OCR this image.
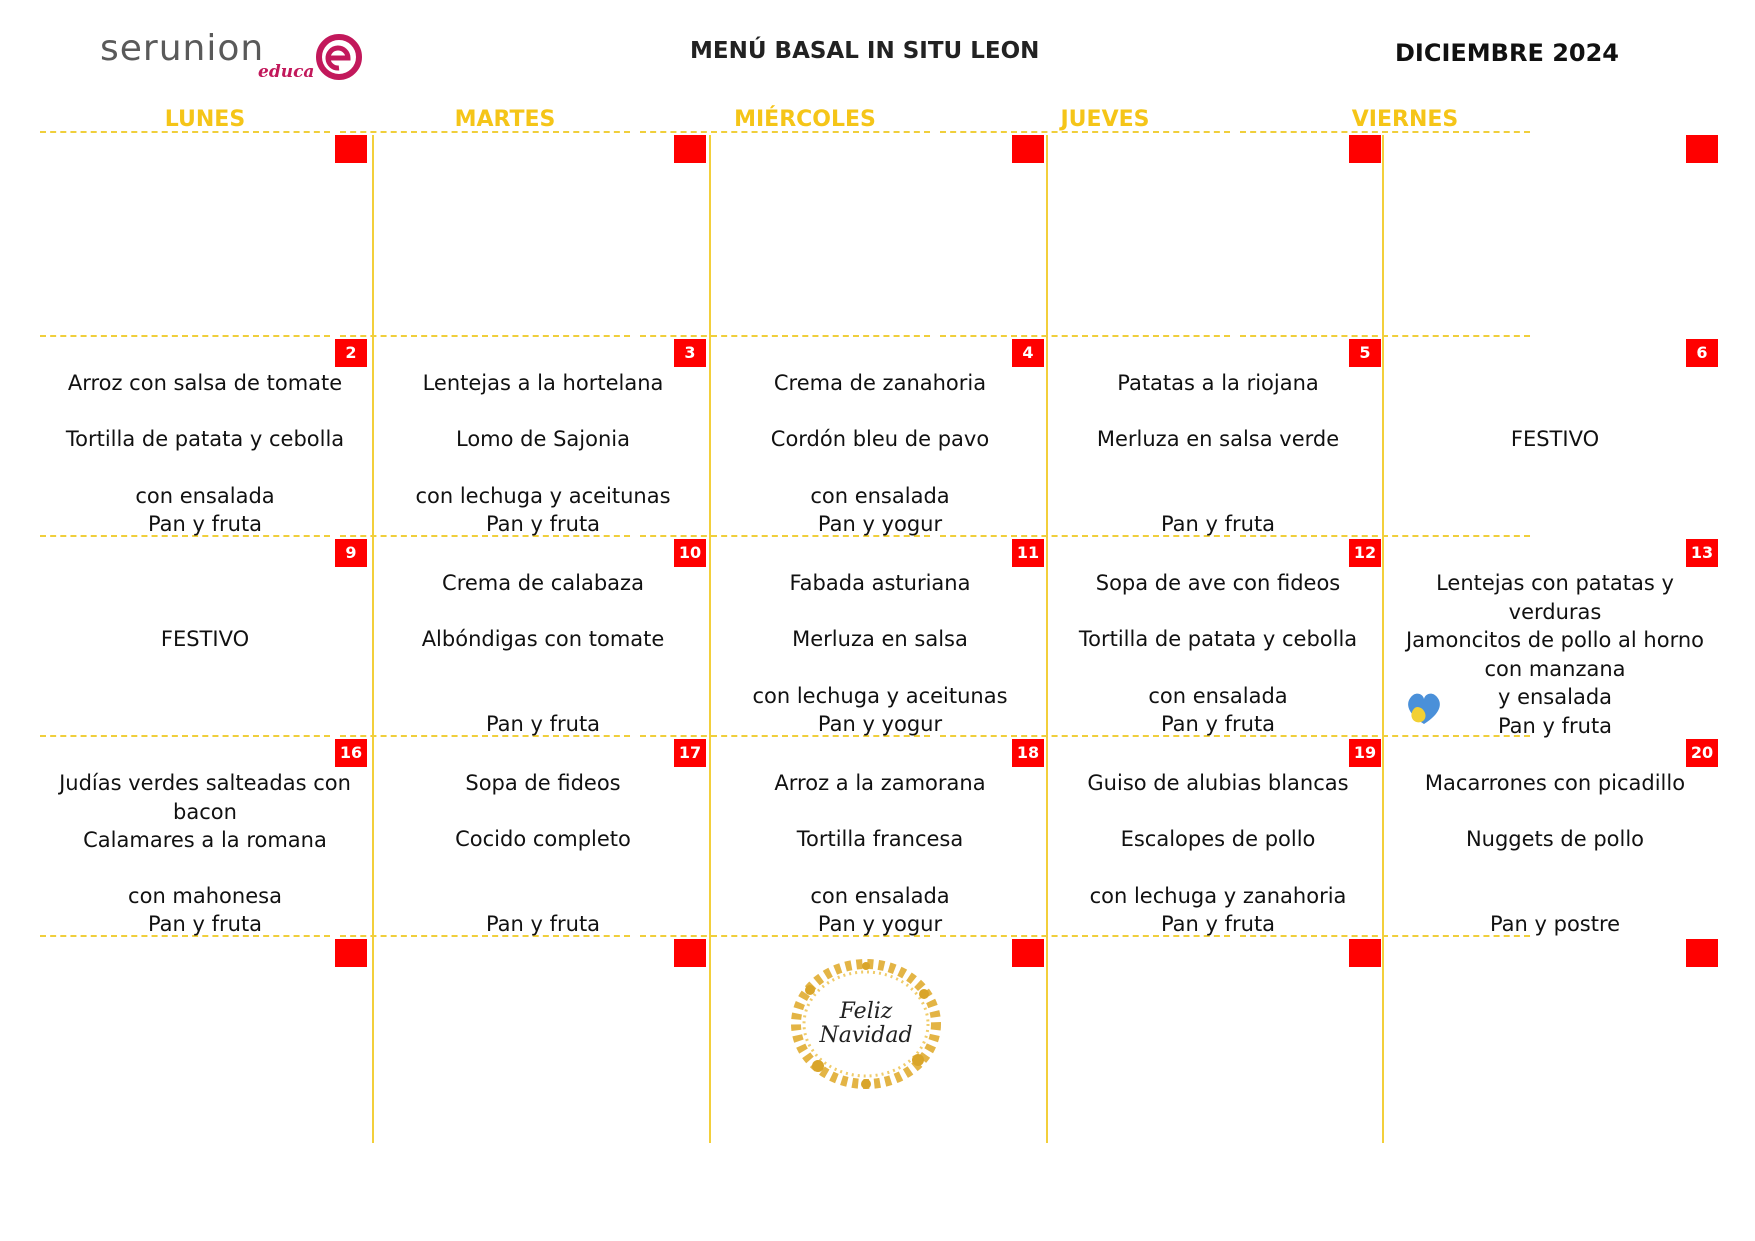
serunion
educa
MENÚ BASAL IN SITU LEON	DICIEMBRE 2024
LUNES	MARTES	MIÉRCOLES	JUEVES	VIERNES
2
Arroz con salsa de tomate
Tortilla de patata y cebolla
con ensalada
Pan y fruta
3
Lentejas a la hortelana
Lomo de Sajonia
con lechuga y aceitunas
Pan y fruta
4
Crema de zanahoria
Cordón bleu de pavo
con ensalada
Pan y yogur
5
Patatas a la riojana
Merluza en salsa verde
Pan y fruta
6
FESTIVO
9
FESTIVO
10
Crema de calabaza
Albóndigas con tomate
Pan y fruta
11
Fabada asturiana
Merluza en salsa
con lechuga y aceitunas
Pan y yogur
12
Sopa de ave con fideos
Tortilla de patata y cebolla
con ensalada
Pan y fruta
13
Lentejas con patatas y
verduras
Jamoncitos de pollo al horno
con manzana
y ensalada
Pan y fruta
16
Judías verdes salteadas con
bacon
Calamares a la romana
con mahonesa
Pan y fruta
17
Sopa de fideos
Cocido completo
Pan y fruta
18
Arroz a la zamorana
Tortilla francesa
con ensalada
Pan y yogur
19
Guiso de alubias blancas
Escalopes de pollo
con lechuga y zanahoria
Pan y fruta
20
Macarrones con picadillo
Nuggets de pollo
Pan y postre
Feliz
Navidad
